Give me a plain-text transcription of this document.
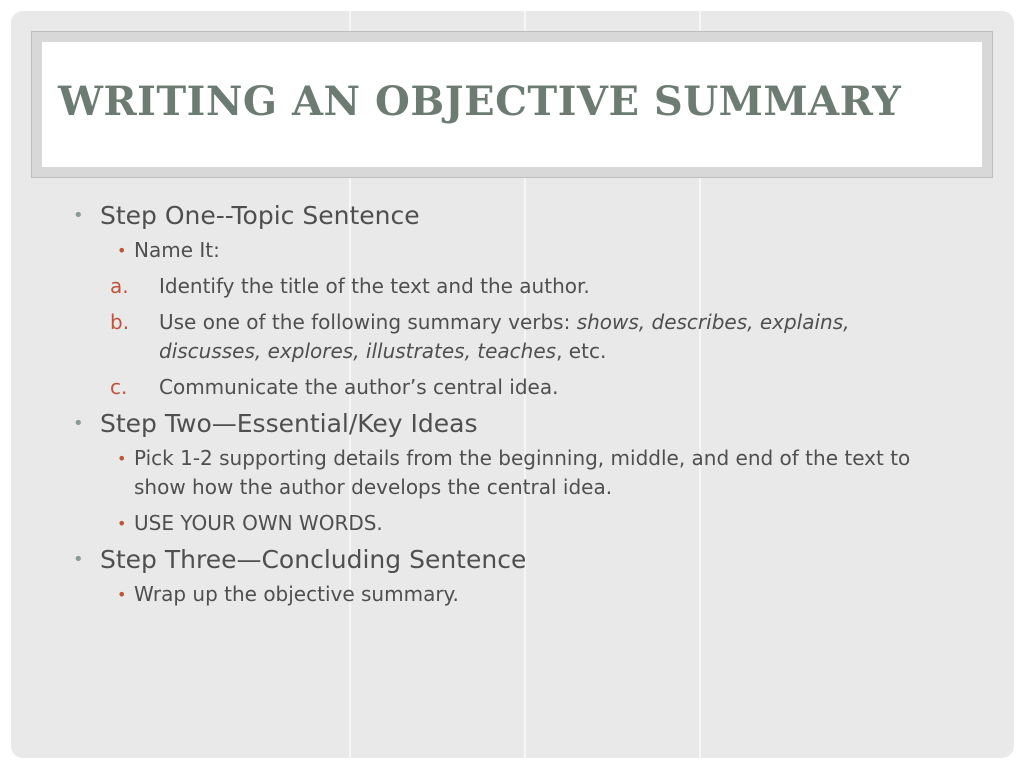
WRITING AN OBJECTIVE SUMMARY
• Step One--Topic Sentence
• Name It:
a. Identify the title of the text and the author.
b. Use one of the following summary verbs: shows, describes, explains, discusses, explores, illustrates, teaches, etc.
c. Communicate the author’s central idea.
• Step Two—Essential/Key Ideas
• Pick 1-2 supporting details from the beginning, middle, and end of the text to show how the author develops the central idea.
• USE YOUR OWN WORDS.
• Step Three—Concluding Sentence
• Wrap up the objective summary.
